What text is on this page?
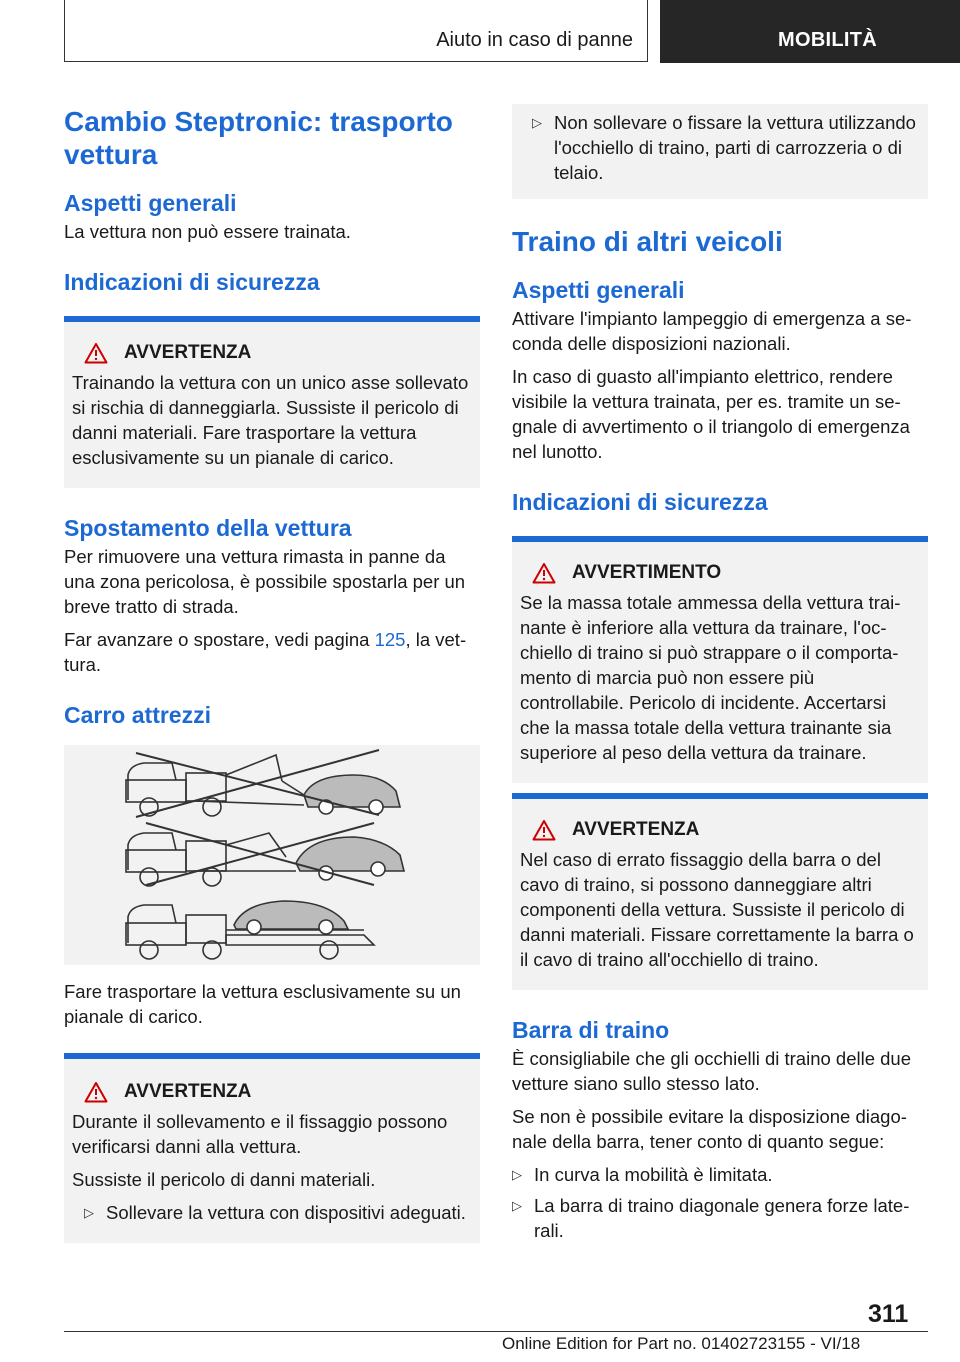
Aiuto in caso di panne	MOBILITÀ
Cambio Steptronic: trasporto vettura
Aspetti generali

La vettura non può essere trainata.

Indicazioni di sicurezza
AVVERTENZA

Trainando la vettura con un unico asse sollevato si rischia di danneggiarla. Sussiste il pericolo di danni materiali. Fare trasportare la vettura esclusivamente su un pianale di carico.

Spostamento della vettura

Per rimuovere una vettura rimasta in panne da una zona pericolosa, è possibile spostarla per un breve tratto di strada.

Far avanzare o spostare, vedi pagina 125, la vettura.

Carro attrezzi

Fare trasportare la vettura esclusivamente su un pianale di carico.

AVVERTENZA

Durante il sollevamento e il fissaggio possono verificarsi danni alla vettura.

Sussiste il pericolo di danni materiali.

▷ Sollevare la vettura con dispositivi adeguati.
▷ Non sollevare o fissare la vettura utilizzando l'occhiello di traino, parti di carrozzeria o di telaio.
Traino di altri veicoli
Aspetti generali

Attivare l'impianto lampeggio di emergenza a seconda delle disposizioni nazionali.

In caso di guasto all'impianto elettrico, rendere visibile la vettura trainata, per es. tramite un segnale di avvertimento o il triangolo di emergenza nel lunotto.

Indicazioni di sicurezza
AVVERTIMENTO

Se la massa totale ammessa della vettura trainante è inferiore alla vettura da trainare, l'occhiello di traino si può strappare o il comportamento di marcia può non essere più controllabile. Pericolo di incidente. Accertarsi che la massa totale della vettura trainante sia superiore al peso della vettura da trainare.

AVVERTENZA

Nel caso di errato fissaggio della barra o del cavo di traino, si possono danneggiare altri componenti della vettura. Sussiste il pericolo di danni materiali. Fissare correttamente la barra o il cavo di traino all'occhiello di traino.

Barra di traino

È consigliabile che gli occhielli di traino delle due vetture siano sullo stesso lato.

Se non è possibile evitare la disposizione diagonale della barra, tener conto di quanto segue:

▷ In curva la mobilità è limitata.
▷ La barra di traino diagonale genera forze laterali.
311
Online Edition for Part no. 01402723155 - VI/18
